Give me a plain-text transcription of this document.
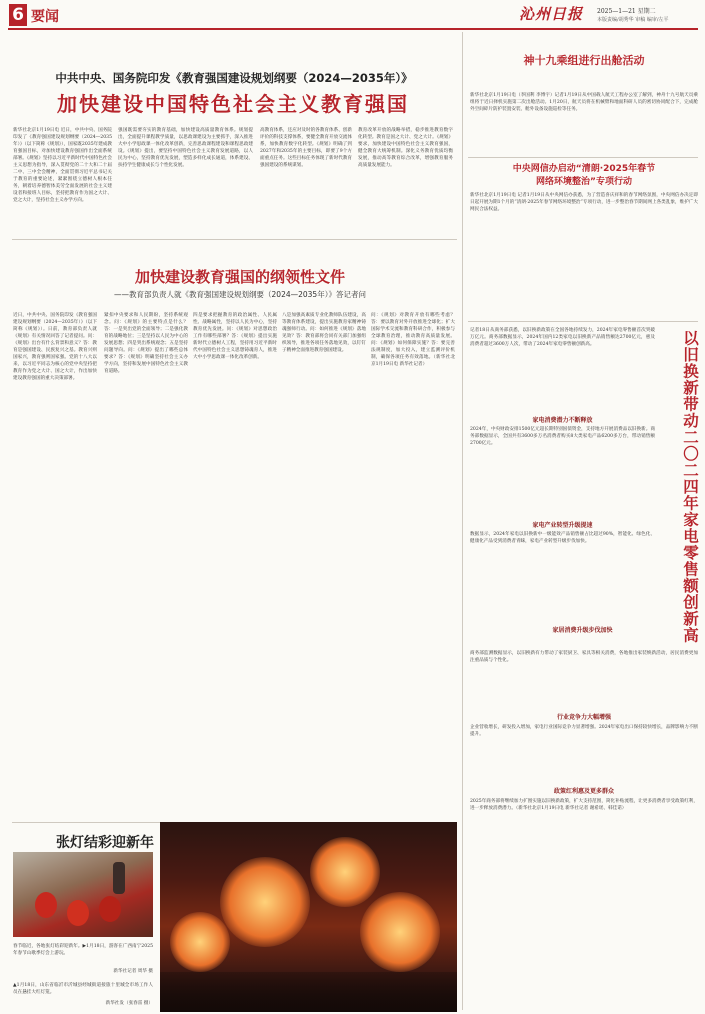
6 要闻	沁州日报 2025—1—21 星期二
本版责编/胡秀华 审稿 编审/左平
中共中央、国务院印发《教育强国建设规划纲要（2024—2035年）》
加快建设中国特色社会主义教育强国
新华社北京1月19日电 近日，中共中央、国务院印发了《教育强国建设规划纲要（2024—2035年）》（以下简称《规划》），国家既2035年建成教育强国目标，对加快建设教育强国作出全面系统部署。《规划》坚持以习近平新时代中国特色社会主义思想为指导，深入贯彻党的二十大和二十届二中、三中全会精神，全面贯彻习近平总书记关于教育的重要论述，紧紧围绕立德树人根本任务，朝着培养德智体美劳全面发展的社会主义建设者和接班人目标，坚持把教育作为国之大计、党之大计，坚持社会主义办学方向。
强国既需要夯实的教育基础，加快建设高质量教育体系。规划提出，全面提升课程教学质量，以思政课建设为主要抓手，深入推进大中小学思政课一体化改革创新，完善思政课程建设和课程思政建设。《规划》提出，要坚持中国特色社会主义教育发展道路，以人民为中心，坚持教育优先发展，塑造多样化成长通道，体系建设、扶持学生健康成长与个性化发展。
高教育体系，还应对及时的各教育体系、创新评价的科技支撑体系，要健全教育开放交流体系，加快教育数字化转型。《规划》明确了到2027年和2035年的主要目标，即要了9个方面重点任务。这些目标任务体现了新时代教育强国建设的系统谋划。
教育改革开放的战略举措，稳步推进教育数字化转型。教育是国之大计、党之大计。《规划》要求，加快建设中国特色社会主义教育强国，健全教育大统筹机制。深化义务教育优质均衡发展，推动高等教育综合改革，增强教育服务高质量发展能力。
加快建设教育强国的纲领性文件
——教育部负责人就《教育强国建设规划纲要（2024—2035年）》答记者问
近日，中共中央、国务院印发《教育强国建设规划纲要（2024—2035年）》（以下简称《规划》）。日前，教育部负责人就《规划》有关情况回答了记者提问。问：《规划》出台有什么背景和意义？答：教育是强国建设、民族复兴之基。教育兴则国家兴，教育强则国家强。党的十八大以来，以习近平同志为核心的党中央坚持把教育作为党之大计、国之大计，作出加快建设教育强国的重大决策部署。
紧扣中央要求和人民期盼，坚持系统观念。问：《规划》的主要特点是什么？答：一是突出党的全面领导；二是强化教育的战略地位；三是坚持以人民为中心的发展思想；四是突出系统观念；五是坚持问题导向。问：《规划》提出了哪些总体要求？答：《规划》明确坚持社会主义办学方向，坚持和发展中国特色社会主义教育道路。
四是要求把握教育的政治属性、人民属性、战略属性，坚持以人民为中心，坚持教育优先发展。问：《规划》对思想政治工作有哪些部署？答：《规划》提出实施新时代立德树人工程，坚持用习近平新时代中国特色社会主义思想铸魂育人，推进大中小学思政课一体化改革创新。
八是加强高素质专业化教师队伍建设，高等教育体系建设，提出实施教育家精神铸魂强师行动。问：如何推进《规划》落地见效？答：教育部将会同有关部门加强组织领导，推进各项任务落地见效，以钉钉子精神全面推进教育强国建设。
问：《规划》对教育开放有哪些考虑？答：要以教育对外开放推进全球化；扩大国际学术交流和教育科研合作，积极参与全球教育治理，推动教育高质量发展。问：《规划》如何保障实施？答：要完善法规制度，加大投入，建立监测评价机制，确保各项任务有效落地。（新华社北京1月19日电 新华社记者）
张灯结彩迎新年
春节临近，各地张灯结彩迎新年。▶1月18日，游客在广西南宁2025年春节山歌季灯会上游玩。
新华社记者 周华 摄
▲1月18日，山东省临沂市沂城县经城街道接旅十里城全市场工作人员在悬挂大红灯笼。
新华社发（张春雷 摄）
神十九乘组进行出舱活动
新华社北京1月19日电（李国利 李博宇）记者1月19日从中国载人航天工程办公室了解到，神舟十九号航天员乘组将于近日择机实施第二次出舱活动。1月20日，航天员将在机械臂和地面科研人员的密切协同配合下，完成舱外空间碎片防护装置安装、舱外设备设施巡检等任务。
中央网信办启动“清朗·2025年春节
网络环境整治”专项行动
新华社北京1月19日电 记者1月19日从中央网信办获悉，为了营造喜庆祥和的春节网络氛围，中央网信办决定即日起开展为期1个月的“清朗·2025年春节网络环境整治”专项行动，进一步整治春节期间网上各类乱象，维护广大网民合法权益。
记者18日从商务部获悉，以旧换新政策在全国各地持续发力，2024年家电零售额首次突破万亿元。商务部数据显示，2024年国内12类家电以旧换新产品销售额达2700亿元，惠及消费者超过3600万人次，带动了2024年家电零售额创新高。	以旧换新带动二〇二四年家电零售额创新高
家电消费潜力不断释放
2024年，中央财政安排1500亿元超长期特别国债资金，支持地方开展消费品以旧换新。商务部数据显示，全国共有3600多万名消费者购买8大类家电产品6200多万台，带动销售额2700亿元。
家电产业转型升级提速
数据显示，2024年家电以旧换新中一级能效产品销售额占比超过90%，智能化、绿色化、健康化产品受到消费者青睐，家电产业转型升级步伐加快。
家居消费升级步伐加快
商务部监测数据显示，以旧换新有力带动了家装厨卫、家具等相关消费，各地推出家装焕新活动，居民消费更加注重品质与个性化。
行业竞争力大幅增强
企业营收增长，研发投入增加，家电行业国际竞争力显著增强。2024年家电出口保持较快增长，品牌影响力不断提升。
政策红利惠及更多群众
2025年商务部将继续加力扩围实施以旧换新政策，扩大支持范围，简化补贴流程，让更多消费者享受政策红利，进一步释放消费潜力。（新华社北京1月19日电 新华社记者 谢希瑶、韩佳诺）
